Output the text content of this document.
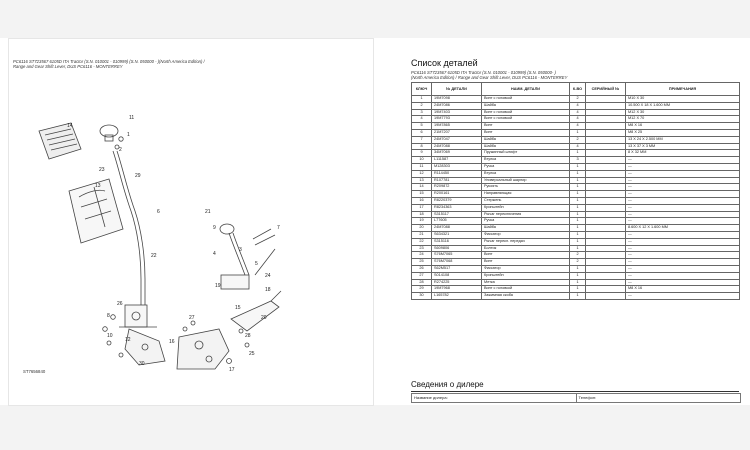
PC6116 ST723567 6105D ITA Tractor (S.N. 010001 - 010999) (S.N. 050000 - )(North America Edition) /
Range and Gear Shift Lever, DUS PC6116 - MONTERREY
1
2
3
4
5
6
7
8
9
10
11
12
13
14
15
16
17
18
19
20
21
22
23
24
25
26
27
28
29
30
ST7656840
Список деталей
PC6116 ST723567 6105D ITA Tractor (S.N. 010001 - 010999) (S.N. 050000- )
(North America Edition) / Range and Gear Shift Lever, DUS PC6116 - MONTERREY
КЛЮЧ	№ ДЕТАЛИ	НАИМ. ДЕТАЛИ	К-ВО	СЕРИЙНЫЙ №	ПРИМЕЧАНИЯ
1	19M7098	Винт с головкой	2		M10 X 30
2	24M7086	Шайба	4		10.500 X 18 X 1.600 MM
3	19M7403	Винт с головкой	4		M12 X 30
4	19M7793	Винт с головкой	4		M12 X 70
5	19M7865	Винт	4		M8 X 16
6	21M7207	Винт	1		M8 X 25
7	24M7047	Шайба	2		13 X 24 X 2.500 MM
8	24M7088	Шайба	4		13 X 37 X 3 MM
9	34M7069	Пружинный штифт	1		8 X 32 MM
10	L111587	Втулка	3		—
11	M128303	Ручка	1		—
12	R114450	Втулка	1		—
13	R107781	Универсальный шарнир	1		—
14	R209872	Рукоять	1		—
15	R200161	Направляющая	1		—
16	R8220379	Стержень	1		—
17	R8234363	Кронштейн	1		—
18	S315117	Рычаг переключения	1		—
19	L77605	Ручка	1		—
20	24M7088	Шайба	1		8.600 X 12 X 1.600 MM
21	S634321	Фиксатор	1		—
22	S315116	Рычаг перекл. передач	1		—
23	S609806	Болтик	1		—
24	S76M7065	Винт	2		—
25	S76M7068	Винт	2		—
26	S62M517	Фиксатор	1		—
27	S014108	Кронштейн	1		—
28	R274225	Метка	1		—
29	19M7968	Винт с головкой	1		M8 X 16
30	L165782	Зажимная скоба	1		—
Сведения о дилере
Название дилера:	Телефон:
